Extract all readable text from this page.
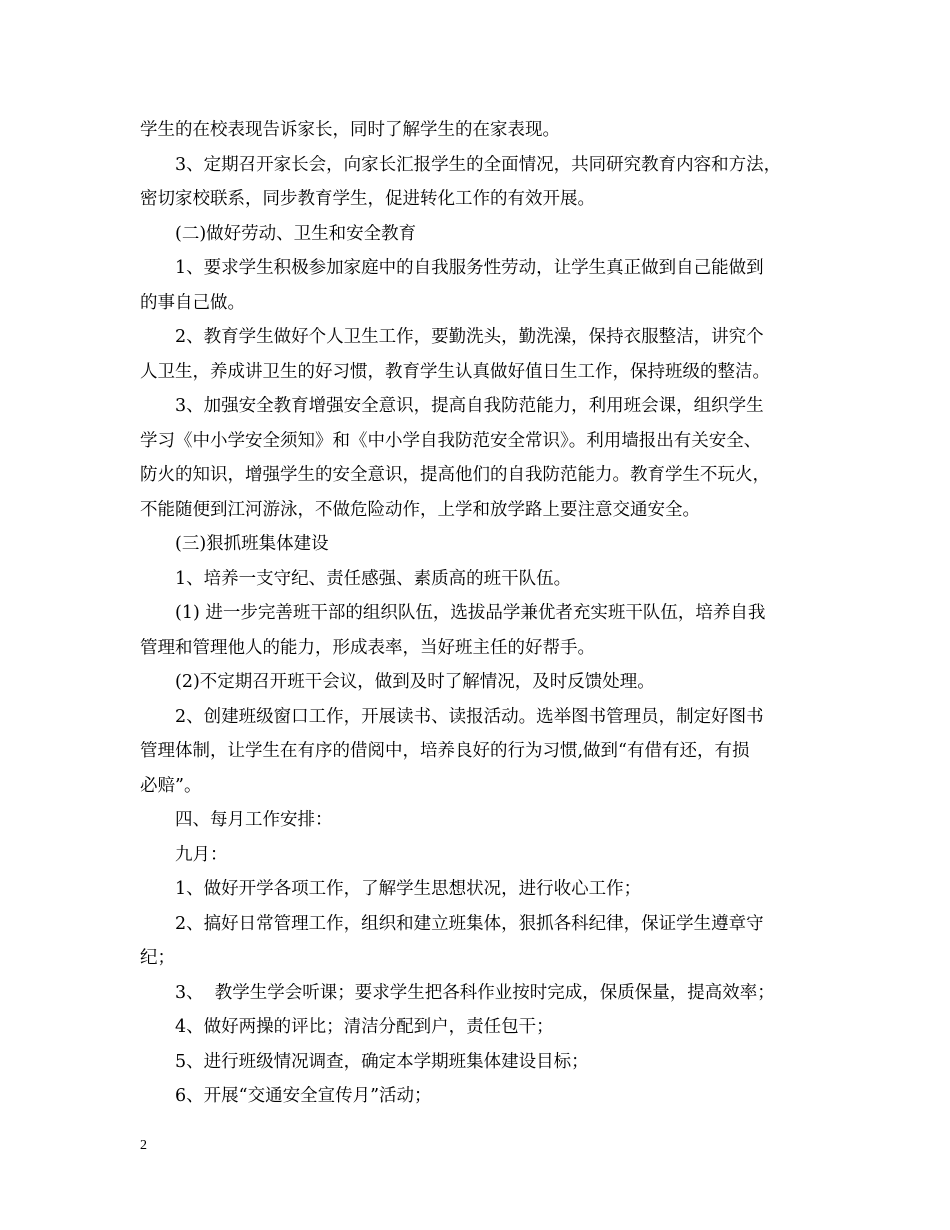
学生的在校表现告诉家长，同时了解学生的在家表现。
3、定期召开家长会，向家长汇报学生的全面情况，共同研究教育内容和方法，
密切家校联系，同步教育学生，促进转化工作的有效开展。
(二)做好劳动、卫生和安全教育
1、要求学生积极参加家庭中的自我服务性劳动，让学生真正做到自己能做到
的事自己做。
2、教育学生做好个人卫生工作，要勤洗头，勤洗澡，保持衣服整洁，讲究个
人卫生，养成讲卫生的好习惯，教育学生认真做好值日生工作，保持班级的整洁。
3、加强安全教育增强安全意识，提高自我防范能力，利用班会课，组织学生
学习《中小学安全须知》和《中小学自我防范安全常识》。利用墙报出有关安全、
防火的知识，增强学生的安全意识，提高他们的自我防范能力。教育学生不玩火，
不能随便到江河游泳，不做危险动作，上学和放学路上要注意交通安全。
(三)狠抓班集体建设
1、培养一支守纪、责任感强、素质高的班干队伍。
(1) 进一步完善班干部的组织队伍，选拔品学兼优者充实班干队伍，培养自我
管理和管理他人的能力，形成表率，当好班主任的好帮手。
(2)不定期召开班干会议，做到及时了解情况，及时反馈处理。
2、创建班级窗口工作，开展读书、读报活动。选举图书管理员，制定好图书
管理体制，让学生在有序的借阅中，培养良好的行为习惯,做到“有借有还，有损
必赔”。
四、每月工作安排：
九月：
1、做好开学各项工作，了解学生思想状况，进行收心工作；
2、搞好日常管理工作，组织和建立班集体，狠抓各科纪律，保证学生遵章守
纪；
3、  教学生学会听课；要求学生把各科作业按时完成，保质保量，提高效率；
4、做好两操的评比；清洁分配到户，责任包干；
5、进行班级情况调查，确定本学期班集体建设目标；
6、开展“交通安全宣传月”活动；
2
